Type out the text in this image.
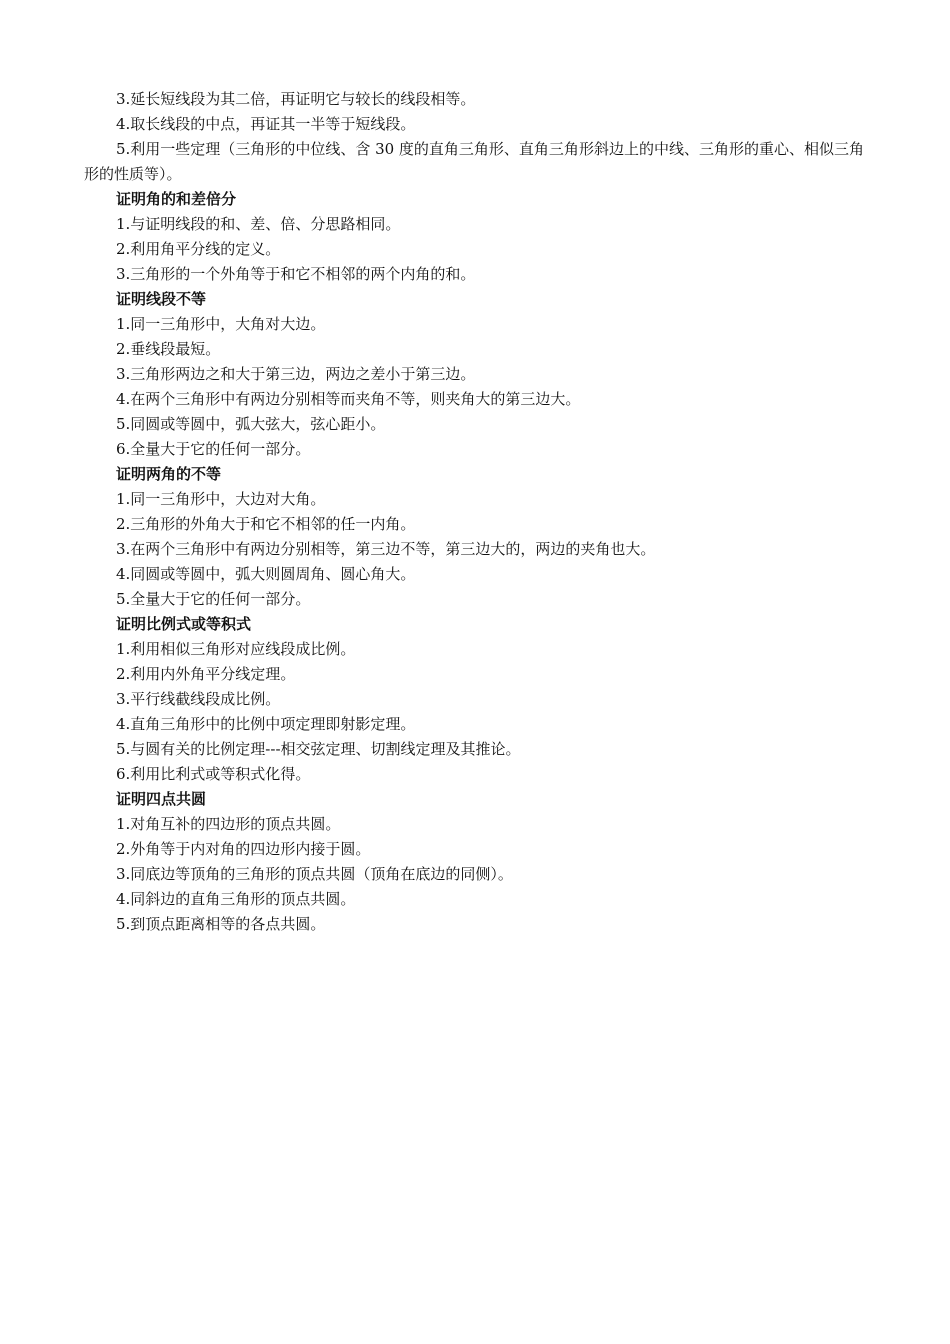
3.延长短线段为其二倍，再证明它与较长的线段相等。
4.取长线段的中点，再证其一半等于短线段。
5.利用一些定理（三角形的中位线、含 30 度的直角三角形、直角三角形斜边上的中线、三角形的重心、相似三角形的性质等）。
证明角的和差倍分
1.与证明线段的和、差、倍、分思路相同。
2.利用角平分线的定义。
3.三角形的一个外角等于和它不相邻的两个内角的和。
证明线段不等
1.同一三角形中，大角对大边。
2.垂线段最短。
3.三角形两边之和大于第三边，两边之差小于第三边。
4.在两个三角形中有两边分别相等而夹角不等，则夹角大的第三边大。
5.同圆或等圆中，弧大弦大，弦心距小。
6.全量大于它的任何一部分。
证明两角的不等
1.同一三角形中，大边对大角。
2.三角形的外角大于和它不相邻的任一内角。
3.在两个三角形中有两边分别相等，第三边不等，第三边大的，两边的夹角也大。
4.同圆或等圆中，弧大则圆周角、圆心角大。
5.全量大于它的任何一部分。
证明比例式或等积式
1.利用相似三角形对应线段成比例。
2.利用内外角平分线定理。
3.平行线截线段成比例。
4.直角三角形中的比例中项定理即射影定理。
5.与圆有关的比例定理---相交弦定理、切割线定理及其推论。
6.利用比利式或等积式化得。
证明四点共圆
1.对角互补的四边形的顶点共圆。
2.外角等于内对角的四边形内接于圆。
3.同底边等顶角的三角形的顶点共圆（顶角在底边的同侧）。
4.同斜边的直角三角形的顶点共圆。
5.到顶点距离相等的各点共圆。
